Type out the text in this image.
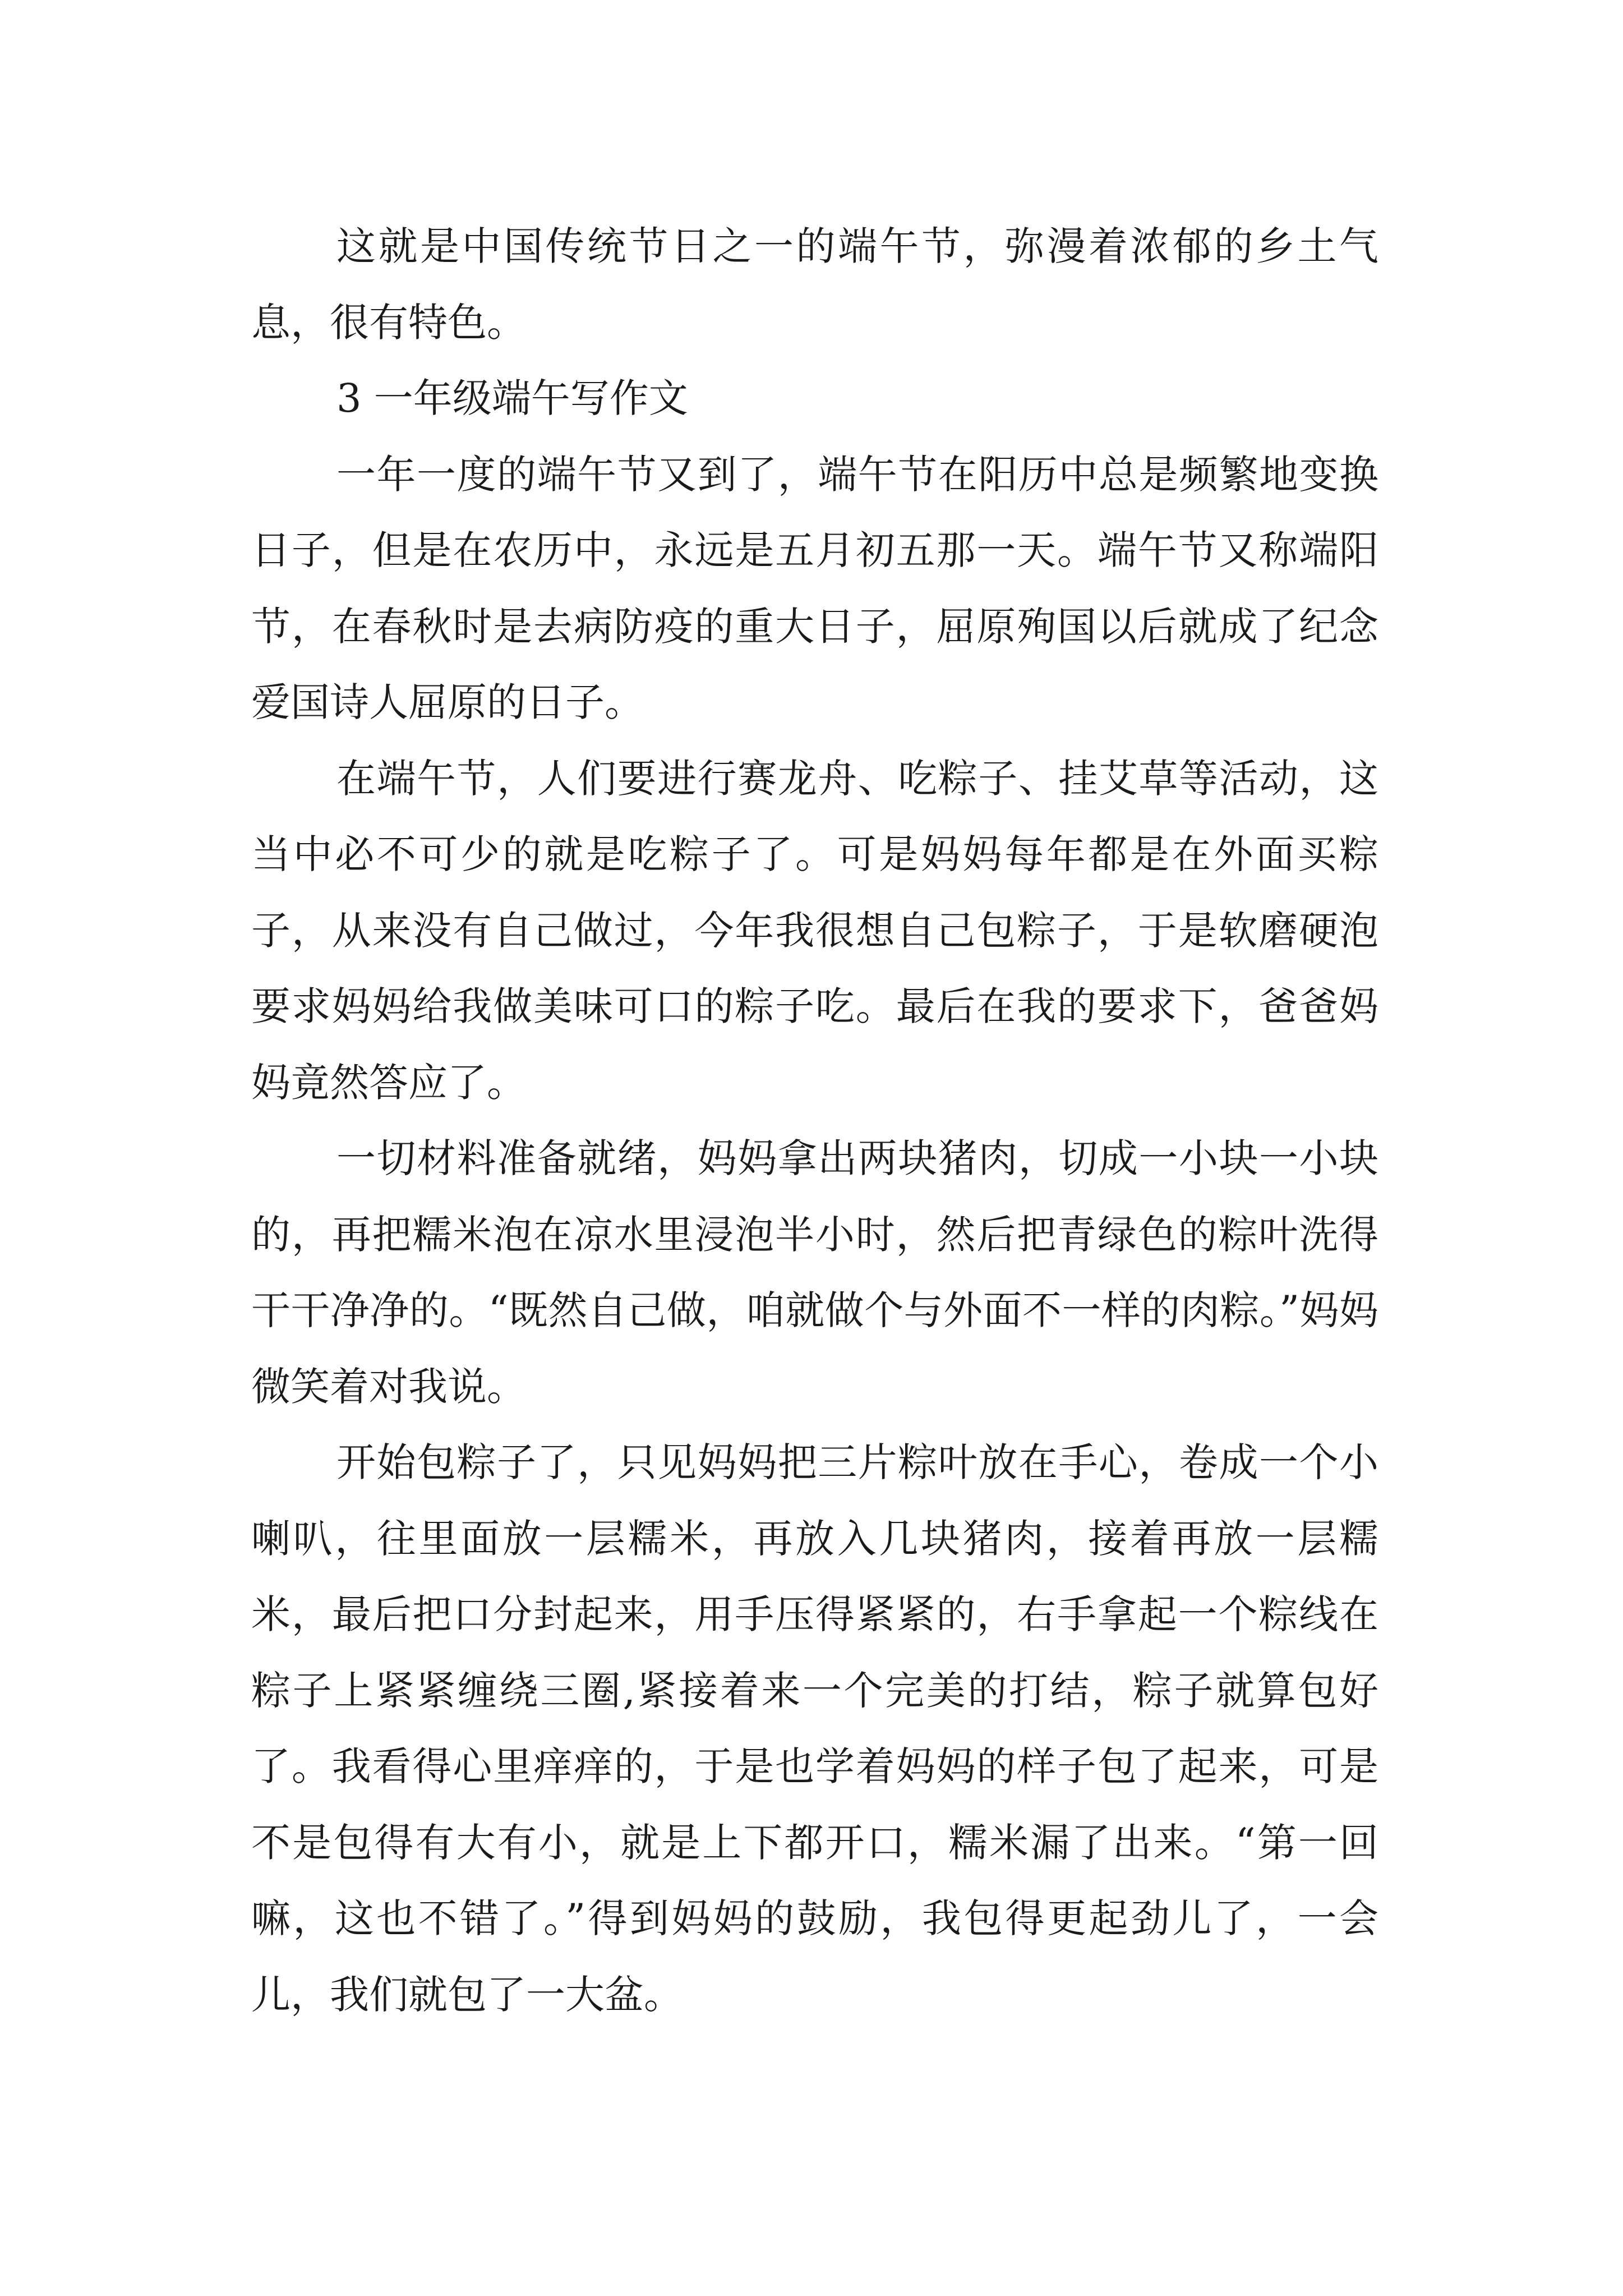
这就是中国传统节日之一的端午节，弥漫着浓郁的乡土气息，很有特色。

3 一年级端午写作文

一年一度的端午节又到了，端午节在阳历中总是频繁地变换日子，但是在农历中，永远是五月初五那一天。端午节又称端阳节，在春秋时是去病防疫的重大日子，屈原殉国以后就成了纪念爱国诗人屈原的日子。

在端午节，人们要进行赛龙舟、吃粽子、挂艾草等活动，这当中必不可少的就是吃粽子了。可是妈妈每年都是在外面买粽子，从来没有自己做过，今年我很想自己包粽子，于是软磨硬泡要求妈妈给我做美味可口的粽子吃。最后在我的要求下，爸爸妈妈竟然答应了。

一切材料准备就绪，妈妈拿出两块猪肉，切成一小块一小块的，再把糯米泡在凉水里浸泡半小时，然后把青绿色的粽叶洗得干干净净的。“既然自己做，咱就做个与外面不一样的肉粽。”妈妈微笑着对我说。

开始包粽子了，只见妈妈把三片粽叶放在手心，卷成一个小喇叭，往里面放一层糯米，再放入几块猪肉，接着再放一层糯米，最后把口分封起来，用手压得紧紧的，右手拿起一个粽线在粽子上紧紧缠绕三圈,紧接着来一个完美的打结，粽子就算包好了。我看得心里痒痒的，于是也学着妈妈的样子包了起来，可是不是包得有大有小，就是上下都开口，糯米漏了出来。“第一回嘛，这也不错了。”得到妈妈的鼓励，我包得更起劲儿了，一会儿，我们就包了一大盆。
